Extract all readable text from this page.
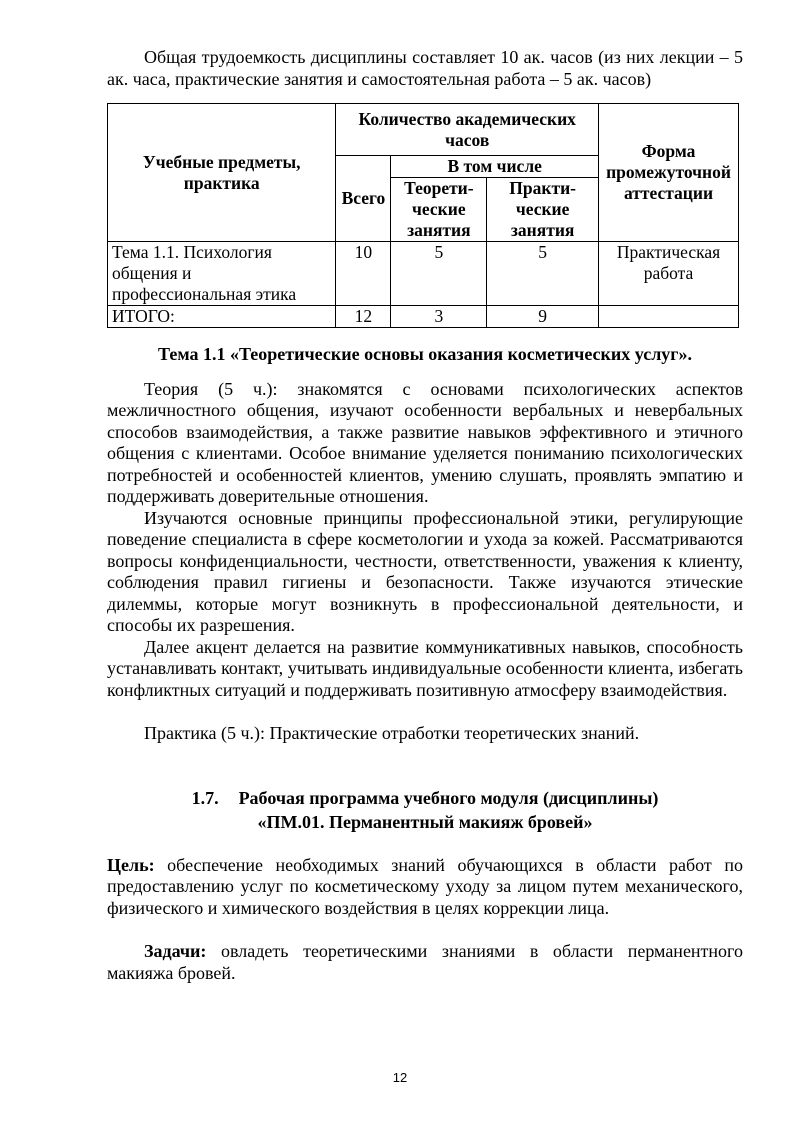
Общая трудоемкость дисциплины составляет 10 ак. часов (из них лекции – 5 ак. часа, практические занятия и самостоятельная работа – 5 ак. часов)

Учебные предметы, практика	Количество академических часов			Форма промежуточной аттестации
	Всего	В том числе		
		Теорети-ческие занятия	Практи-ческие занятия	
Тема 1.1. Психология общения и профессиональная этика	10	5	5	Практическая работа
ИТОГО:	12	3	9	

Тема 1.1 «Теоретические основы оказания косметических услуг».

Теория (5 ч.): знакомятся с основами психологических аспектов межличностного общения, изучают особенности вербальных и невербальных способов взаимодействия, а также развитие навыков эффективного и этичного общения с клиентами. Особое внимание уделяется пониманию психологических потребностей и особенностей клиентов, умению слушать, проявлять эмпатию и поддерживать доверительные отношения.

Изучаются основные принципы профессиональной этики, регулирующие поведение специалиста в сфере косметологии и ухода за кожей. Рассматриваются вопросы конфиденциальности, честности, ответственности, уважения к клиенту, соблюдения правил гигиены и безопасности. Также изучаются этические дилеммы, которые могут возникнуть в профессиональной деятельности, и способы их разрешения.

Далее акцент делается на развитие коммуникативных навыков, способность устанавливать контакт, учитывать индивидуальные особенности клиента, избегать конфликтных ситуаций и поддерживать позитивную атмосферу взаимодействия.

Практика (5 ч.): Практические отработки теоретических знаний.

1.7. Рабочая программа учебного модуля (дисциплины)
«ПМ.01. Перманентный макияж бровей»

Цель: обеспечение необходимых знаний обучающихся в области работ по предоставлению услуг по косметическому уходу за лицом путем механического, физического и химического воздействия в целях коррекции лица.

Задачи: овладеть теоретическими знаниями в области перманентного макияжа бровей.

12
